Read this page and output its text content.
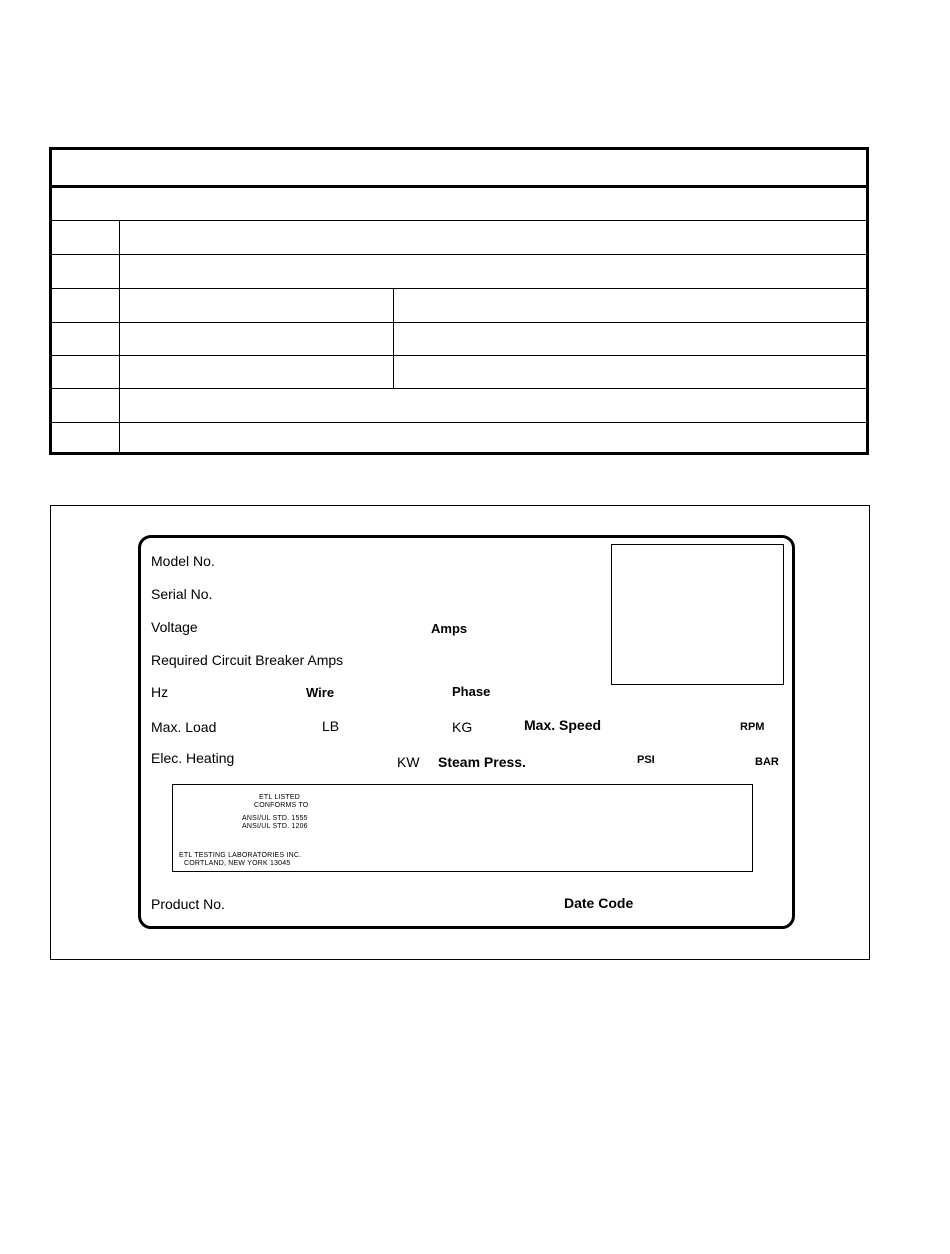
Model No.
Serial No.
Voltage	Amps
Required Circuit Breaker Amps
Hz	Wire	Phase
Max. Load	LB	KG	Max. Speed	RPM
Elec. Heating	KW Steam Press.	PSI	BAR
ETL LISTED
CONFORMS TO
ANSI/UL STD. 1555
ANSI/UL STD. 1206
ETL TESTING LABORATORIES INC.
CORTLAND, NEW YORK 13045
Product No.	Date Code
